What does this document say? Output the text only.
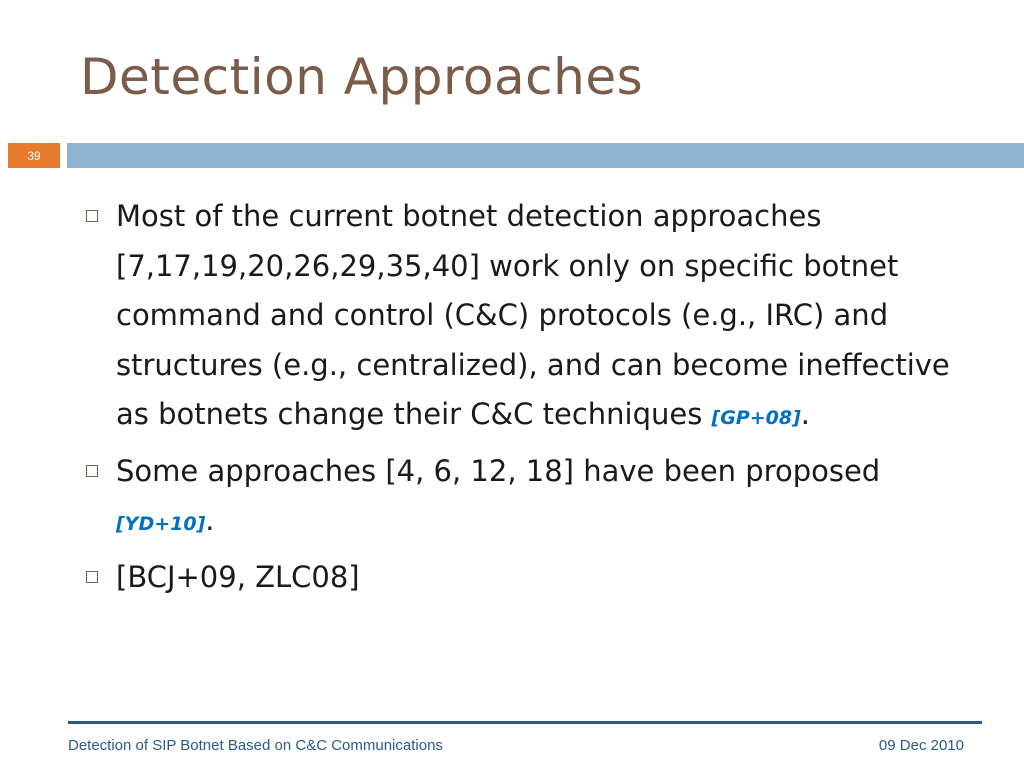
Detection Approaches
39
Most of the current botnet detection approaches [7,17,19,20,26,29,35,40] work only on specific botnet command and control (C&C) protocols (e.g., IRC) and structures (e.g., centralized), and can become ineffective as botnets change their C&C techniques [GP+08].
Some approaches [4, 6, 12, 18] have been proposed [YD+10].
[BCJ+09, ZLC08]
Detection of SIP Botnet Based on C&C Communications	09 Dec 2010
